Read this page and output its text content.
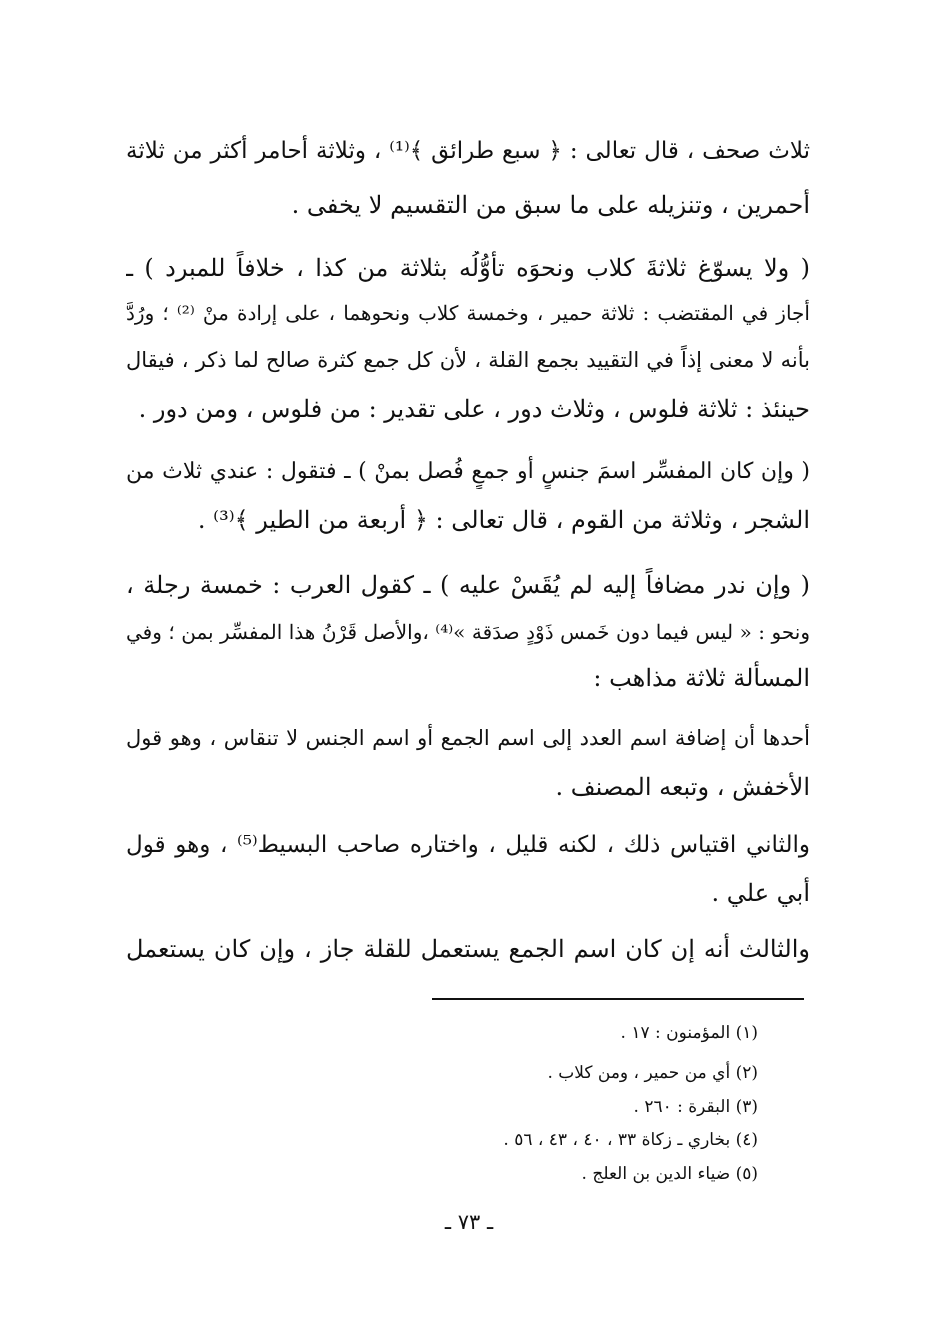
ثلاث صحف ، قال تعالى : ﴿ سبع طرائق ﴾⁽¹⁾ ، وثلاثة أحامر أكثر من ثلاثة
أحمرين ، وتنزيله على ما سبق من التقسيم لا يخفى .
( ولا يسوّغ ثلاثةَ كلاب ونحوَه تأوُّلُه بثلاثة من كذا ، خلافاً للمبرد ) ـ
أجاز في المقتضب : ثلاثة حمير ، وخمسة كلاب ونحوهما ، على إرادة منْ ⁽²⁾ ؛ ورُدَّ
بأنه لا معنى إذاً في التقييد بجمع القلة ، لأن كل جمع كثرة صالح لما ذكر ، فيقال
حينئذ : ثلاثة فلوس ، وثلاث دور ، على تقدير : من فلوس ، ومن دور .
( وإن كان المفسِّر اسمَ جنسٍ أو جمعٍ فُصل بمنْ ) ـ فتقول : عندي ثلاث من
الشجر ، وثلاثة من القوم ، قال تعالى : ﴿ أربعة من الطير ﴾⁽³⁾ .
( وإن ندر مضافاً إليه لم يُقَسْ عليه ) ـ كقول العرب : خمسة رجلة ،
ونحو : « ليس فيما دون خَمس ذَوْدٍ صدَقة »⁽⁴⁾ ،والأصل قَرْنُ هذا المفسِّر بمن ؛ وفي
المسألة ثلاثة مذاهب :
أحدها أن إضافة اسم العدد إلى اسم الجمع أو اسم الجنس لا تنقاس ، وهو قول
الأخفش ، وتبعه المصنف .
والثاني اقتياس ذلك ، لكنه قليل ، واختاره صاحب البسيط⁽⁵⁾ ، وهو قول
أبي علي .
والثالث أنه إن كان اسم الجمع يستعمل للقلة جاز ، وإن كان يستعمل
(١) المؤمنون : ١٧ .
(٢) أي من حمير ، ومن كلاب .
(٣) البقرة : ٢٦٠ .
(٤) بخاري ـ زكاة ٣٣ ، ٤٠ ، ٤٣ ، ٥٦ .
(٥) ضياء الدين بن العلج .
ـ ٧٣ ـ
